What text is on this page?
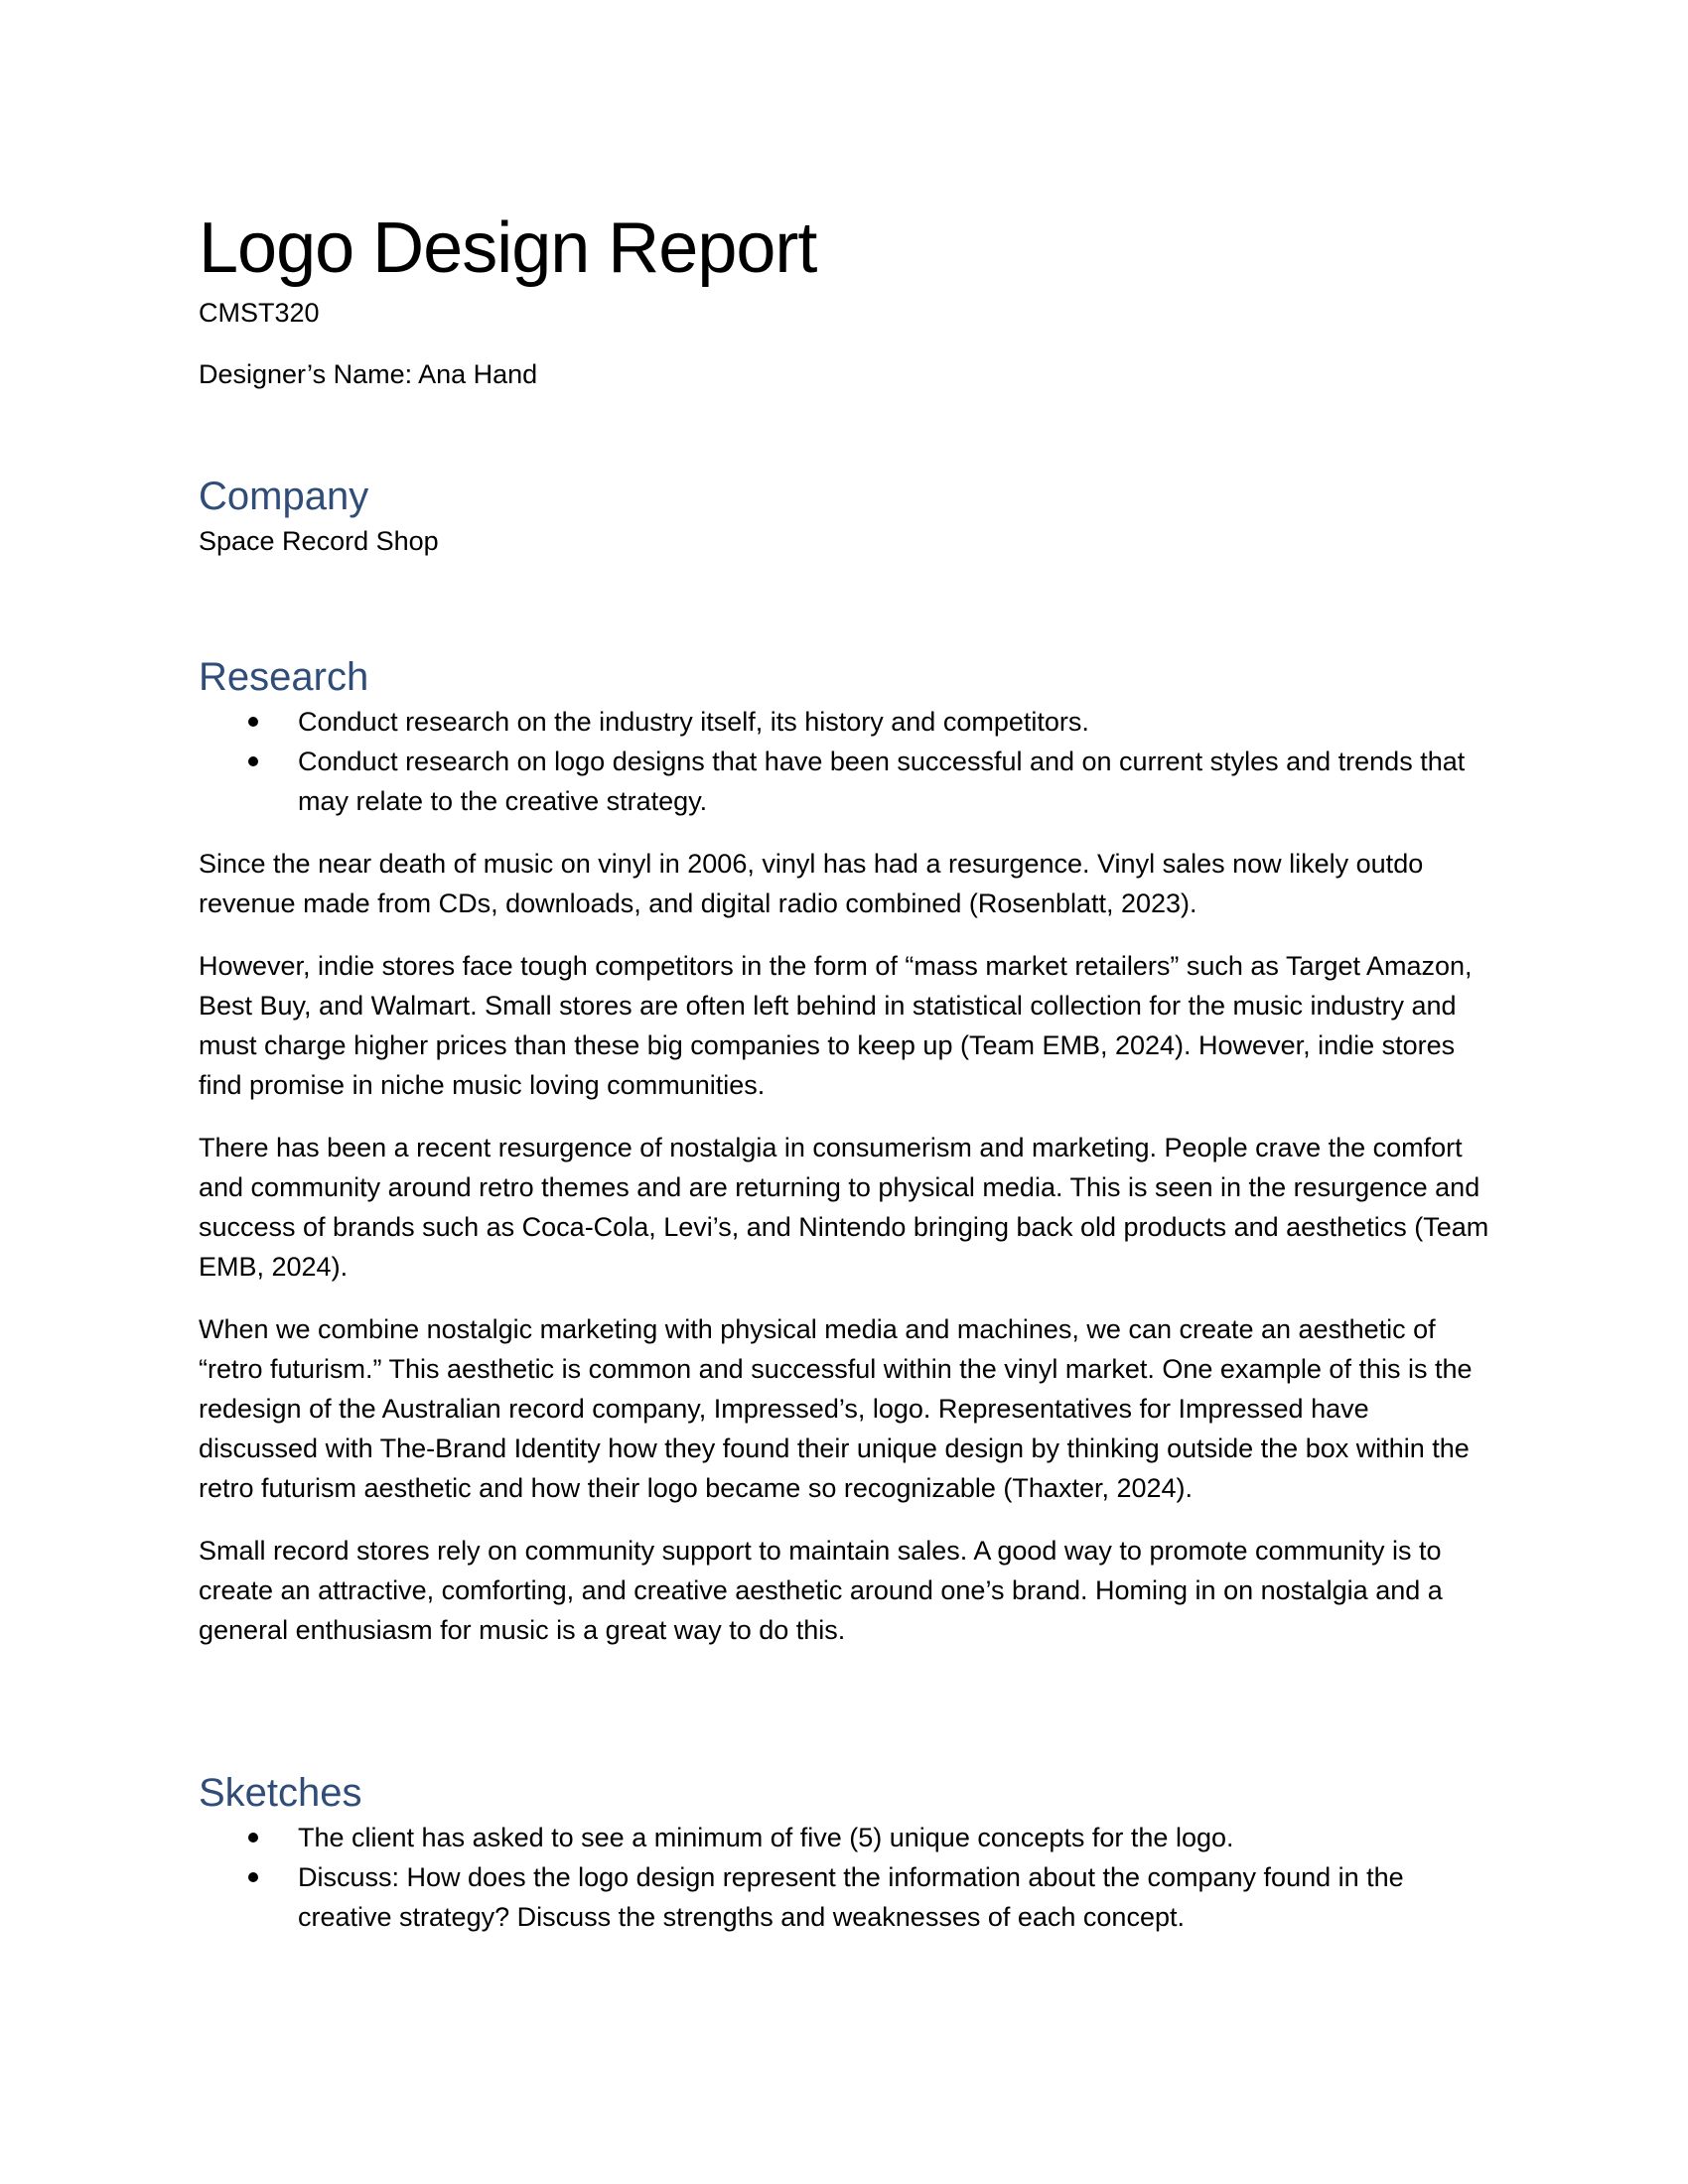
Logo Design Report

CMST320

Designer’s Name: Ana Hand

Company

Space Record Shop

Research
Conduct research on the industry itself, its history and competitors.
Conduct research on logo designs that have been successful and on current styles and trends that may relate to the creative strategy.

Since the near death of music on vinyl in 2006, vinyl has had a resurgence. Vinyl sales now likely outdo revenue made from CDs, downloads, and digital radio combined (Rosenblatt, 2023).

However, indie stores face tough competitors in the form of “mass market retailers” such as Target Amazon, Best Buy, and Walmart. Small stores are often left behind in statistical collection for the music industry and must charge higher prices than these big companies to keep up (Team EMB, 2024). However, indie stores find promise in niche music loving communities.

There has been a recent resurgence of nostalgia in consumerism and marketing. People crave the comfort and community around retro themes and are returning to physical media. This is seen in the resurgence and success of brands such as Coca-Cola, Levi’s, and Nintendo bringing back old products and aesthetics (Team EMB, 2024).

When we combine nostalgic marketing with physical media and machines, we can create an aesthetic of “retro futurism.” This aesthetic is common and successful within the vinyl market. One example of this is the redesign of the Australian record company, Impressed’s, logo. Representatives for Impressed have discussed with The-Brand Identity how they found their unique design by thinking outside the box within the retro futurism aesthetic and how their logo became so recognizable (Thaxter, 2024).

Small record stores rely on community support to maintain sales. A good way to promote community is to create an attractive, comforting, and creative aesthetic around one’s brand. Homing in on nostalgia and a general enthusiasm for music is a great way to do this.

Sketches
The client has asked to see a minimum of five (5) unique concepts for the logo.
Discuss: How does the logo design represent the information about the company found in the creative strategy? Discuss the strengths and weaknesses of each concept.
